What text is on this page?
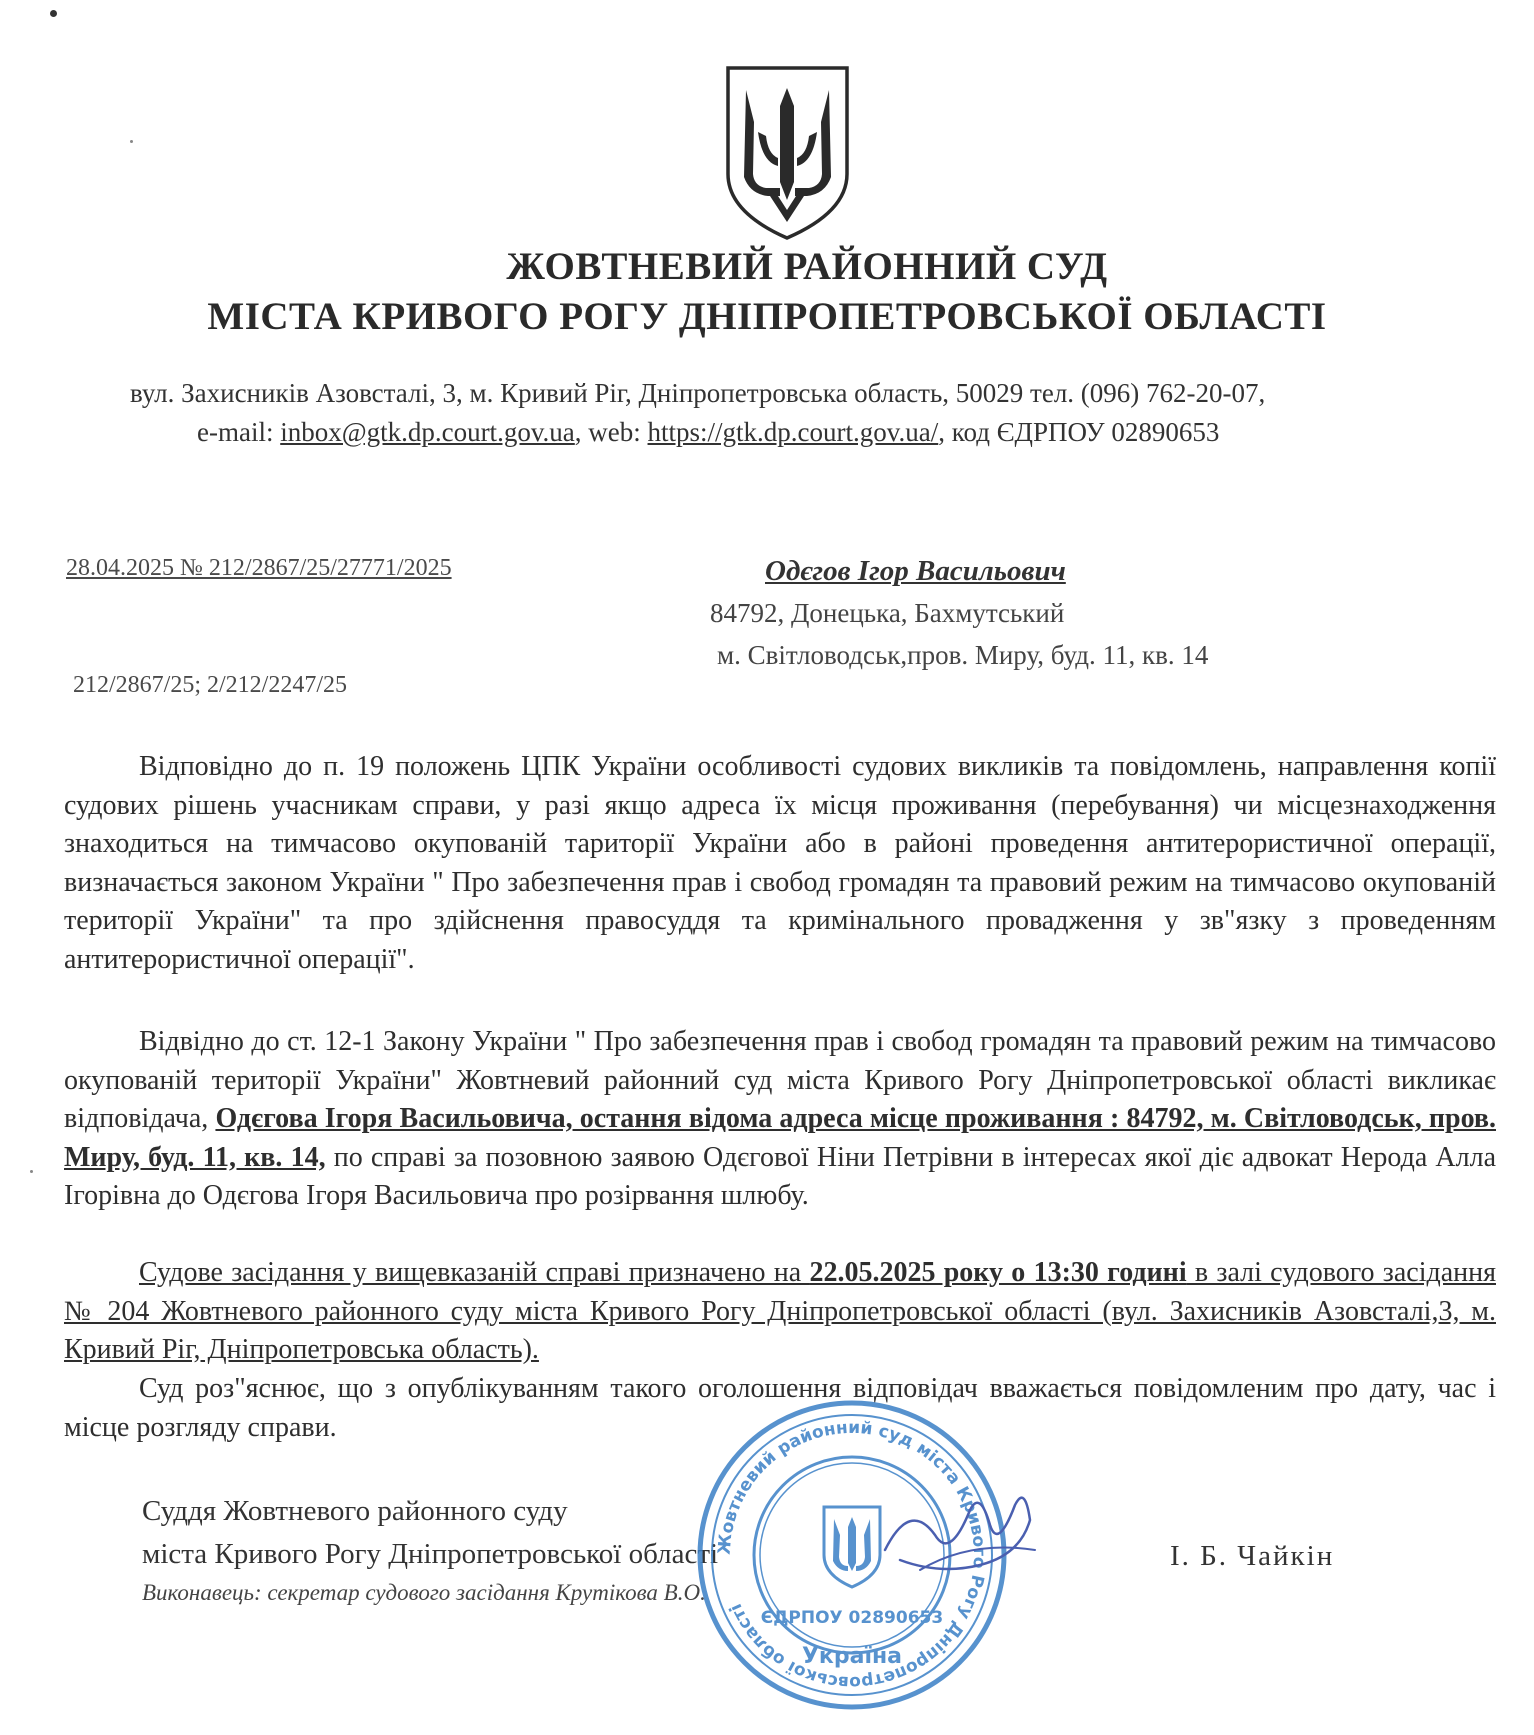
ЖОВТНЕВИЙ РАЙОННИЙ СУД
МІСТА КРИВОГО РОГУ ДНІПРОПЕТРОВСЬКОЇ ОБЛАСТІ
вул. Захисників Азовсталі, 3, м. Кривий Ріг, Дніпропетровська область, 50029 тел. (096) 762-20-07,
e-mail: inbox@gtk.dp.court.gov.ua, web: https://gtk.dp.court.gov.ua/, код ЄДРПОУ 02890653
28.04.2025 № 212/2867/25/27771/2025
212/2867/25; 2/212/2247/25
Одєгов Ігор Васильович
84792, Донецька, Бахмутський
м. Світловодськ,пров. Миру, буд. 11, кв. 14

Відповідно до п. 19 положень ЦПК України особливості судових викликів та повідомлень, направлення копії судових рішень учасникам справи, у разі якщо адреса їх місця проживання (перебування) чи місцезнаходження знаходиться на тимчасово окупованій тариторії України або в районі проведення антитерористичної операції, визначається законом України " Про забезпечення прав і свобод громадян та правовий режим на тимчасово окупованій території України" та про здійснення правосуддя та кримінального провадження у зв"язку з проведенням антитерористичної операції".

Відвідно до ст. 12-1 Закону України " Про забезпечення прав і свобод громадян та правовий режим на тимчасово окупованій території України" Жовтневий районний суд міста Кривого Рогу Дніпропетровської області викликає відповідача, Одєгова Ігоря Васильовича, остання відома адреса місце проживання : 84792, м. Світловодськ, пров. Миру, буд. 11, кв. 14, по справі за позовною заявою Одєгової Ніни Петрівни в інтересах якої діє адвокат Нерода Алла Ігорівна до Одєгова Ігоря Васильовича про розірвання шлюбу.

Судове засідання у вищевказаній справі призначено на 22.05.2025 року о 13:30 годині в залі судового засідання № 204 Жовтневого районного суду міста Кривого Рогу Дніпропетровської області (вул. Захисників Азовсталі,3, м. Кривий Ріг, Дніпропетровська область).

Суд роз"яснює, що з опублікуванням такого оголошення відповідач вважається повідомленим про дату, час і місце розгляду справи.

Суддя Жовтневого районного суду
міста Кривого Рогу Дніпропетровської області
Виконавець: секретар судового засідання Крутікова В.О.
І. Б. Чайкін
Жовтневий районний суд міста Кривого Рогу Дніпропетровської області
ЄДРПОУ 02890653
Україна
